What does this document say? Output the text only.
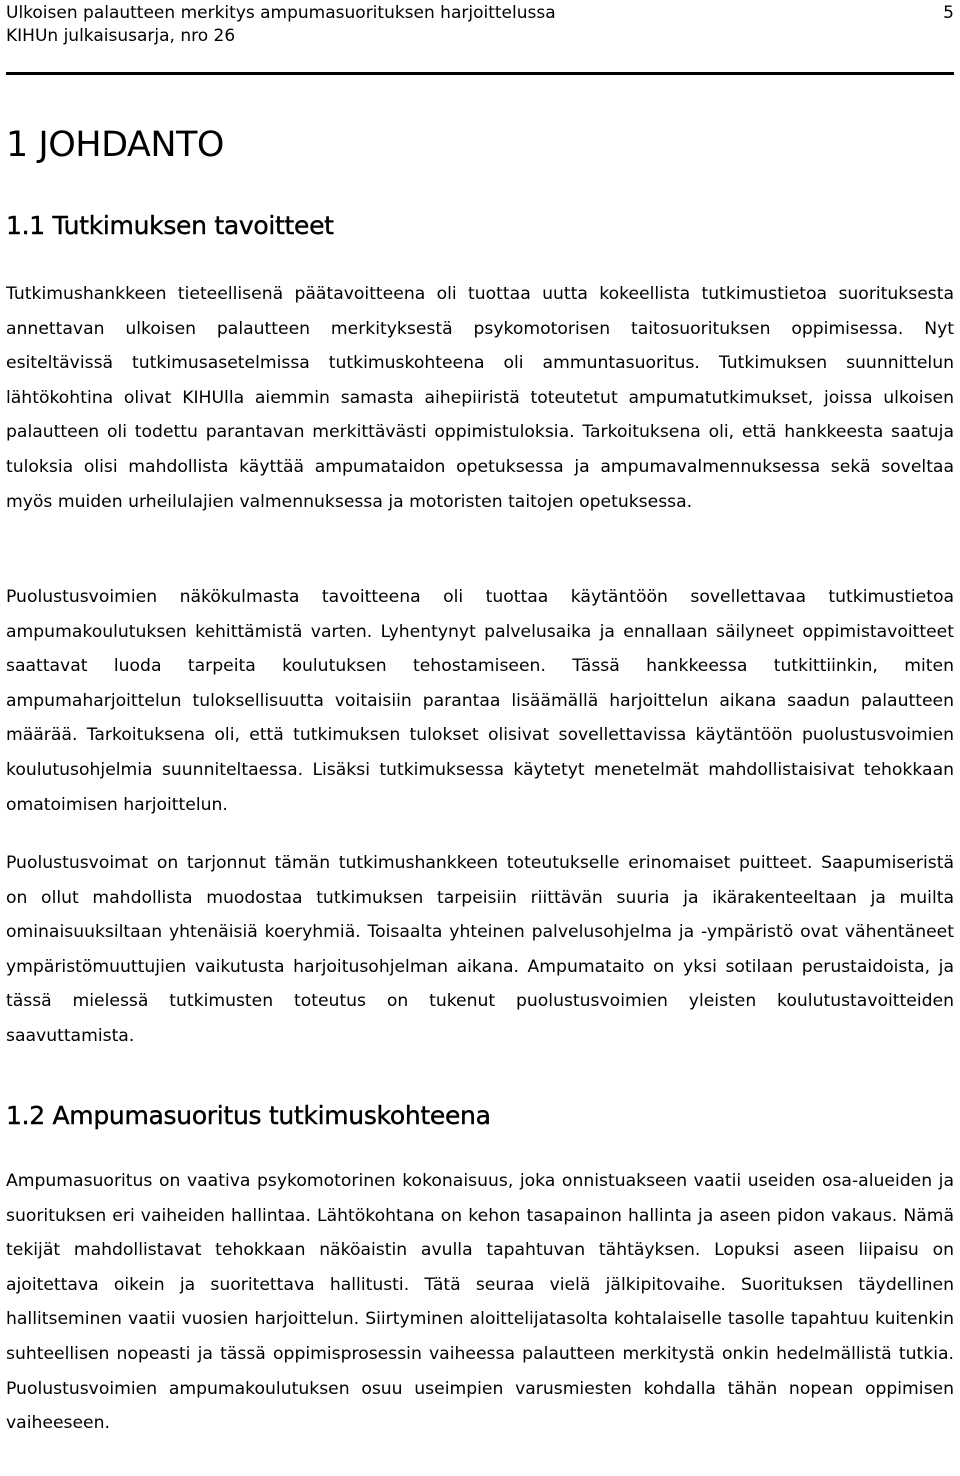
Ulkoisen palautteen merkitys ampumasuorituksen harjoittelussa
KIHUn julkaisusarja, nro 26
5
1 JOHDANTO
1.1 Tutkimuksen tavoitteet

Tutkimushankkeen tieteellisenä päätavoitteena oli tuottaa uutta kokeellista tutkimustietoa suorituksesta annettavan ulkoisen palautteen merkityksestä psykomotorisen taitosuorituksen oppimisessa. Nyt esiteltävissä tutkimusasetelmissa tutkimuskohteena oli ammuntasuoritus. Tutkimuksen suunnittelun lähtökohtina olivat KIHUlla aiemmin samasta aihepiiristä toteutetut ampumatutkimukset, joissa ulkoisen palautteen oli todettu parantavan merkittävästi oppimistuloksia. Tarkoituksena oli, että hankkeesta saatuja tuloksia olisi mahdollista käyttää ampumataidon opetuksessa ja ampumavalmennuksessa sekä soveltaa myös muiden urheilulajien valmennuksessa ja motoristen taitojen opetuksessa.

Puolustusvoimien näkökulmasta tavoitteena oli tuottaa käytäntöön sovellettavaa tutkimustietoa ampumakoulutuksen kehittämistä varten. Lyhentynyt palvelusaika ja ennallaan säilyneet oppimistavoitteet saattavat luoda tarpeita koulutuksen tehostamiseen. Tässä hankkeessa tutkittiinkin, miten ampumaharjoittelun tuloksellisuutta voitaisiin parantaa lisäämällä harjoittelun aikana saadun palautteen määrää. Tarkoituksena oli, että tutkimuksen tulokset olisivat sovellettavissa käytäntöön puolustusvoimien koulutusohjelmia suunniteltaessa. Lisäksi tutkimuksessa käytetyt menetelmät mahdollistaisivat tehokkaan omatoimisen harjoittelun.

Puolustusvoimat on tarjonnut tämän tutkimushankkeen toteutukselle erinomaiset puitteet. Saapumiseristä on ollut mahdollista muodostaa tutkimuksen tarpeisiin riittävän suuria ja ikärakenteeltaan ja muilta ominaisuuksiltaan yhtenäisiä koeryhmiä. Toisaalta yhteinen palvelusohjelma ja -ympäristö ovat vähentäneet ympäristömuuttujien vaikutusta harjoitusohjelman aikana. Ampumataito on yksi sotilaan perustaidoista, ja tässä mielessä tutkimusten toteutus on tukenut puolustusvoimien yleisten koulutustavoitteiden saavuttamista.

1.2 Ampumasuoritus tutkimuskohteena

Ampumasuoritus on vaativa psykomotorinen kokonaisuus, joka onnistuakseen vaatii useiden osa-alueiden ja suorituksen eri vaiheiden hallintaa. Lähtökohtana on kehon tasapainon hallinta ja aseen pidon vakaus. Nämä tekijät mahdollistavat tehokkaan näköaistin avulla tapahtuvan tähtäyksen. Lopuksi aseen liipaisu on ajoitettava oikein ja suoritettava hallitusti. Tätä seuraa vielä jälkipitovaihe. Suorituksen täydellinen hallitseminen vaatii vuosien harjoittelun. Siirtyminen aloittelijatasolta kohtalaiselle tasolle tapahtuu kuitenkin suhteellisen nopeasti ja tässä oppimisprosessin vaiheessa palautteen merkitystä onkin hedelmällistä tutkia. Puolustusvoimien ampumakoulutuksen osuu useimpien varusmiesten kohdalla tähän nopean oppimisen vaiheeseen.
